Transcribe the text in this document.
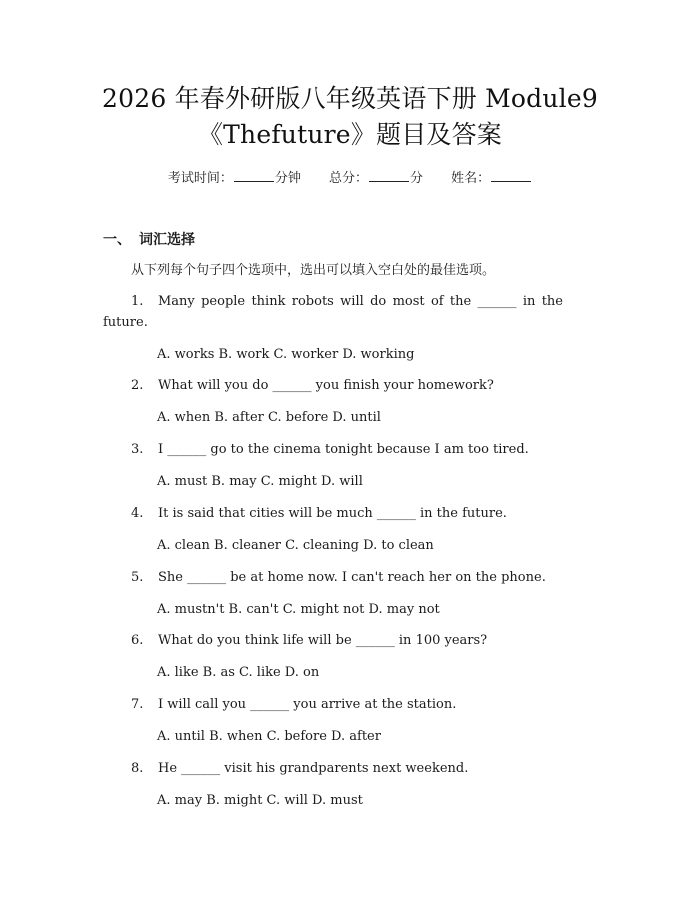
2026 年春外研版八年级英语下册 Module9
《Thefuture》题目及答案
考试时间：	分钟 总分：	分 姓名：
一、 词汇选择
从下列每个句子四个选项中，选出可以填入空白处的最佳选项。
1. Many people think robots will do most of the ______ in the future.
A. works B. work C. worker D. working
2. What will you do ______ you finish your homework?
A. when B. after C. before D. until
3. I ______ go to the cinema tonight because I am too tired.
A. must B. may C. might D. will
4. It is said that cities will be much ______ in the future.
A. clean B. cleaner C. cleaning D. to clean
5. She ______ be at home now. I can't reach her on the phone.
A. mustn't B. can't C. might not D. may not
6. What do you think life will be ______ in 100 years?
A. like B. as C. like D. on
7. I will call you ______ you arrive at the station.
A. until B. when C. before D. after
8. He ______ visit his grandparents next weekend.
A. may B. might C. will D. must
